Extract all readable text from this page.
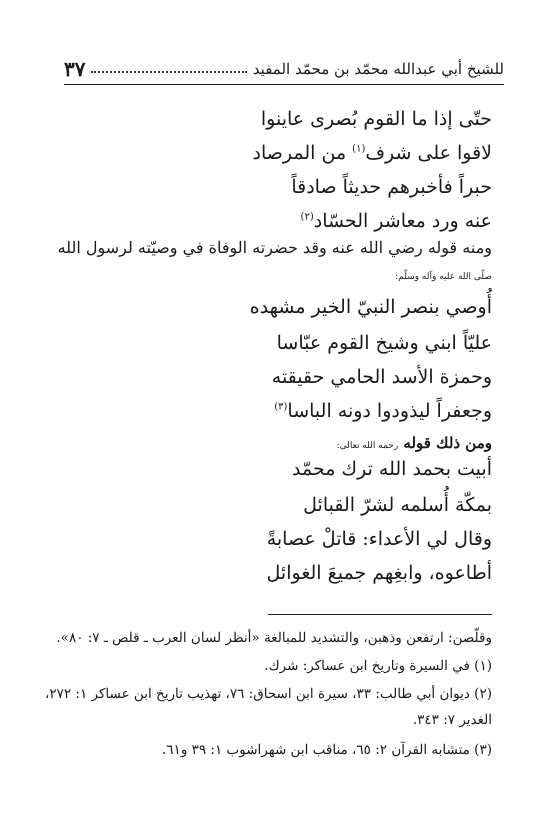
للشيخ أبي عبدالله محمّد بن محمّد المفيد
٣٧
حتّى إذا ما القوم بُصرى عاينوا
لاقوا على شرف$^{(١)}$ من المرصاد
حبراً فأخبرهم حديثاً صادقاً
عنه ورد معاشر الحسّاد$^{(٢)}$
ومنه قوله رضي الله عنه وقد حضرته الوفاة في وصيّته لرسول الله
صلّى الله عليه وآله وسلّم:
أُوصي بنصر النبيّ الخير مشهده
عليّاً ابني وشيخ القوم عبّاسا
وحمزة الأسد الحامي حقيقته
وجعفراً ليذودوا دونه الباسا$^{(٣)}$
ومن ذلك قوله رحمه الله تعالى:
أبيت بحمد الله ترك محمّد
بمكّة أُسلمه لشرّ القبائل
وقال لي الأعداء: قاتلْ عصابةً
أطاعوه، وابغِهم جميعَ الغوائل
وقلّصن: ارتفعن وذهبن، والتشديد للمبالغة «أنظر لسان العرب ـ قلص ـ ٧: ٨٠».
(١) في السيرة وتاريخ ابن عساكر: شرك.
(٢) ديوان أبي طالب: ٣٣، سيرة ابن اسحاق: ٧٦، تهذيب تاريخ ابن عساكر ١: ٢٧٢،
الغدير ٧: ٣٤٣.
(٣) متشابه القرآن ٢: ٦٥، مناقب ابن شهراشوب ١: ٣٩ و٦١.
